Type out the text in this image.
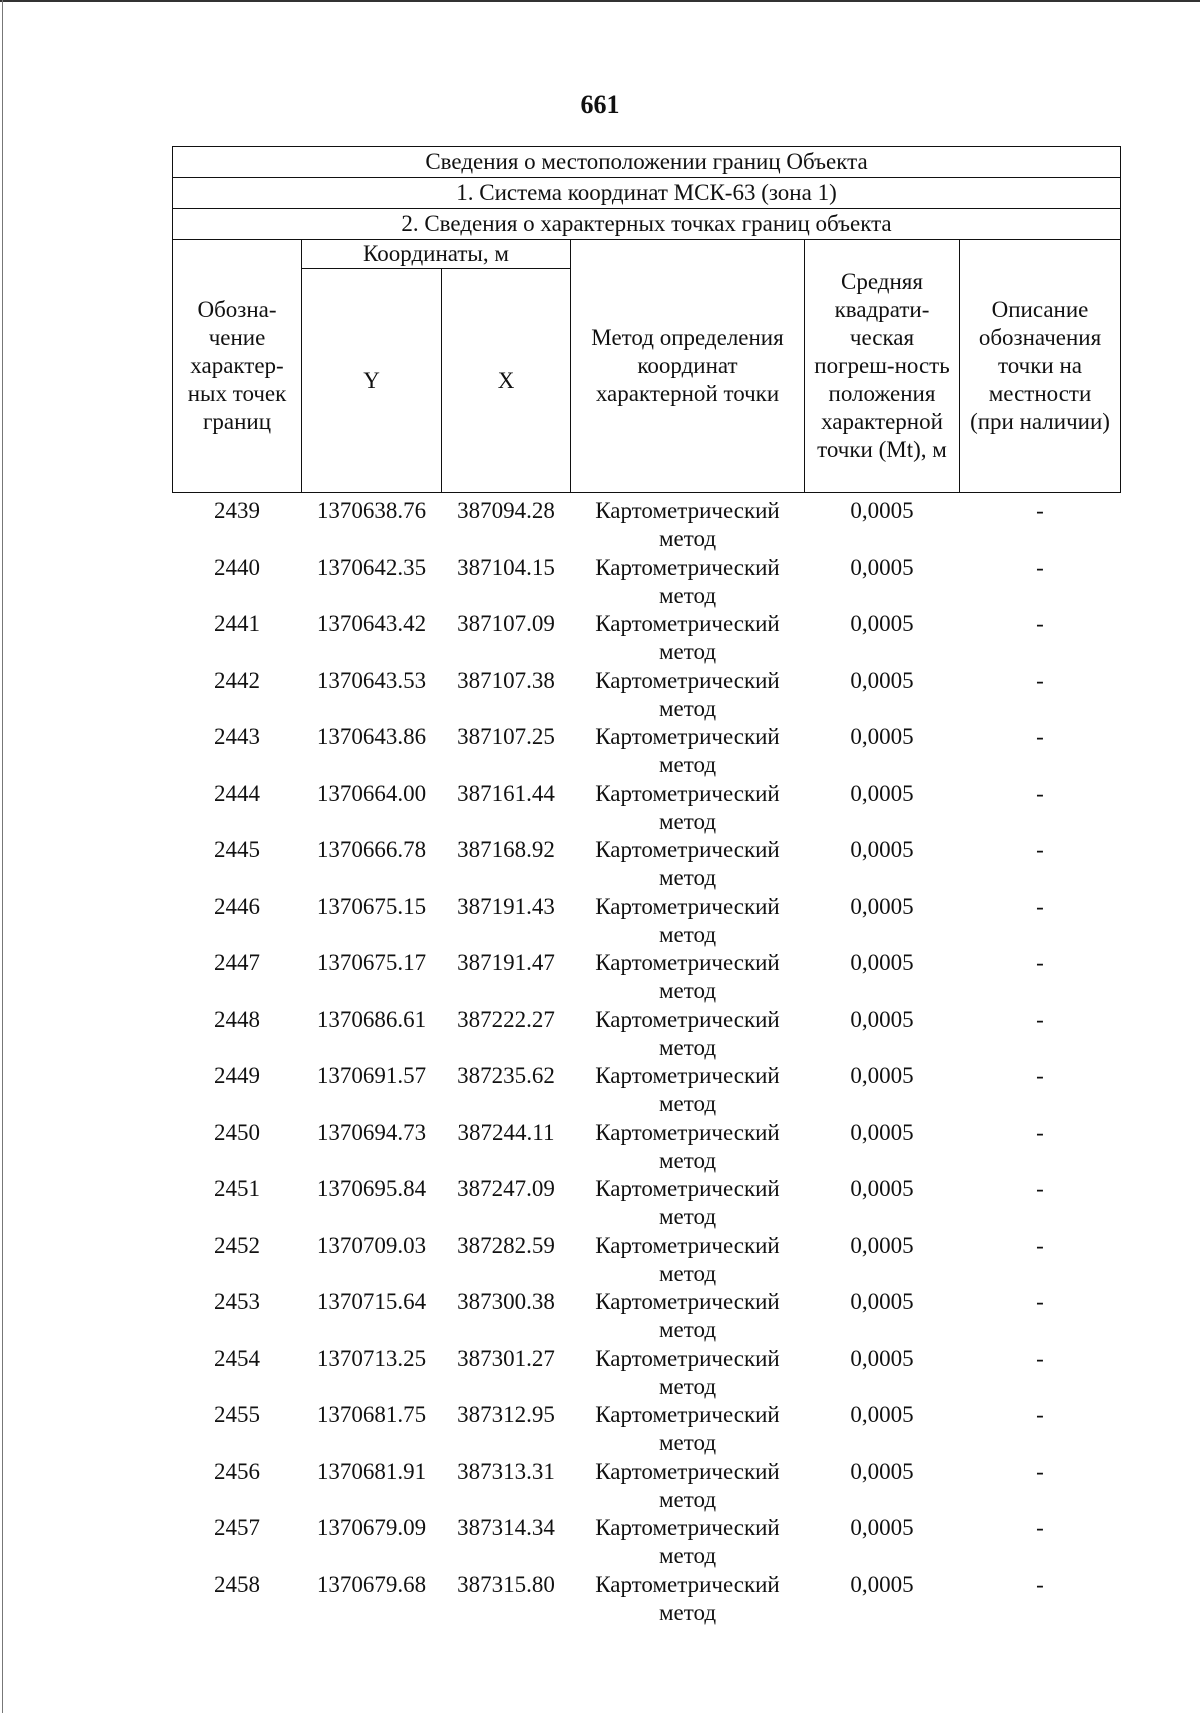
661
Сведения о местоположении границ Объекта					
1. Система координат МСК-63 (зона 1)					
2. Сведения о характерных точках границ объекта					
Обозна-чение характер-ных точек границ	Координаты, м		Метод определения координат характерной точки	Средняя квадрати-ческая погреш-ность положения характерной точки (Mt), м	Описание обозначения точки на местности (при наличии)
	Y	X			
2439	1370638.76	387094.28	Картометрический метод	0,0005	-
2440	1370642.35	387104.15	Картометрический метод	0,0005	-
2441	1370643.42	387107.09	Картометрический метод	0,0005	-
2442	1370643.53	387107.38	Картометрический метод	0,0005	-
2443	1370643.86	387107.25	Картометрический метод	0,0005	-
2444	1370664.00	387161.44	Картометрический метод	0,0005	-
2445	1370666.78	387168.92	Картометрический метод	0,0005	-
2446	1370675.15	387191.43	Картометрический метод	0,0005	-
2447	1370675.17	387191.47	Картометрический метод	0,0005	-
2448	1370686.61	387222.27	Картометрический метод	0,0005	-
2449	1370691.57	387235.62	Картометрический метод	0,0005	-
2450	1370694.73	387244.11	Картометрический метод	0,0005	-
2451	1370695.84	387247.09	Картометрический метод	0,0005	-
2452	1370709.03	387282.59	Картометрический метод	0,0005	-
2453	1370715.64	387300.38	Картометрический метод	0,0005	-
2454	1370713.25	387301.27	Картометрический метод	0,0005	-
2455	1370681.75	387312.95	Картометрический метод	0,0005	-
2456	1370681.91	387313.31	Картометрический метод	0,0005	-
2457	1370679.09	387314.34	Картометрический метод	0,0005	-
2458	1370679.68	387315.80	Картометрический метод	0,0005	-
